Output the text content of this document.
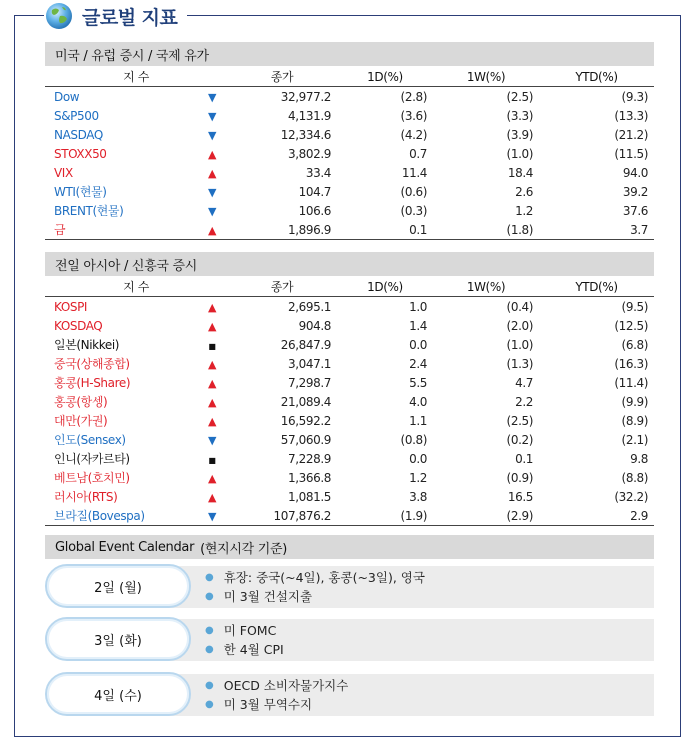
글로벌 지표
미국 / 유럽 증시 / 국제 유가
지 수		종가	1D(%)	1W(%)	YTD(%)
Dow	▼	32,977.2	(2.8)	(2.5)	(9.3)
S&P500	▼	4,131.9	(3.6)	(3.3)	(13.3)
NASDAQ	▼	12,334.6	(4.2)	(3.9)	(21.2)
STOXX50	▲	3,802.9	0.7	(1.0)	(11.5)
VIX	▲	33.4	11.4	18.4	94.0
WTI(현물)	▼	104.7	(0.6)	2.6	39.2
BRENT(현물)	▼	106.6	(0.3)	1.2	37.6
금	▲	1,896.9	0.1	(1.8)	3.7
전일 아시아 / 신흥국 증시
지 수		종가	1D(%)	1W(%)	YTD(%)
KOSPI	▲	2,695.1	1.0	(0.4)	(9.5)
KOSDAQ	▲	904.8	1.4	(2.0)	(12.5)
일본(Nikkei)	■	26,847.9	0.0	(1.0)	(6.8)
중국(상해종합)	▲	3,047.1	2.4	(1.3)	(16.3)
홍콩(H-Share)	▲	7,298.7	5.5	4.7	(11.4)
홍콩(항셍)	▲	21,089.4	4.0	2.2	(9.9)
대만(가권)	▲	16,592.2	1.1	(2.5)	(8.9)
인도(Sensex)	▼	57,060.9	(0.8)	(0.2)	(2.1)
인니(자카르타)	■	7,228.9	0.0	0.1	9.8
베트남(호치민)	▲	1,366.8	1.2	(0.9)	(8.8)
러시아(RTS)	▲	1,081.5	3.8	16.5	(32.2)
브라질(Bovespa)	▼	107,876.2	(1.9)	(2.9)	2.9
Global Event Calendar (현지시각 기준)
2일 (월)
● 휴장: 중국(~4일), 홍콩(~3일), 영국
● 미 3월 건설지출
3일 (화)
● 미 FOMC
● 한 4월 CPI
4일 (수)
● OECD 소비자물가지수
● 미 3월 무역수지
